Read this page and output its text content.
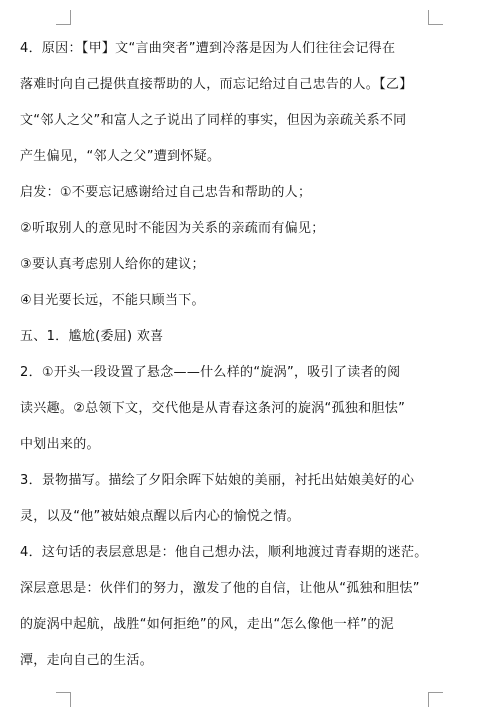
4．原因：【甲】文“言曲突者”遭到冷落是因为人们往往会记得在
落难时向自己提供直接帮助的人，而忘记给过自己忠告的人。【乙】
文“邻人之父”和富人之子说出了同样的事实，但因为亲疏关系不同
产生偏见，“邻人之父”遭到怀疑。
启发：①不要忘记感谢给过自己忠告和帮助的人；
②听取别人的意见时不能因为关系的亲疏而有偏见；
③要认真考虑别人给你的建议；
④目光要长远，不能只顾当下。
五、1．尴尬(委屈) 欢喜
2．①开头一段设置了悬念——什么样的“旋涡”，吸引了读者的阅
读兴趣。②总领下文，交代他是从青春这条河的旋涡“孤独和胆怯”
中划出来的。
3．景物描写。描绘了夕阳余晖下姑娘的美丽，衬托出姑娘美好的心
灵，以及“他”被姑娘点醒以后内心的愉悦之情。
4．这句话的表层意思是：他自己想办法，顺利地渡过青春期的迷茫。
深层意思是：伙伴们的努力，激发了他的自信，让他从“孤独和胆怯”
的旋涡中起航，战胜“如何拒绝”的风，走出“怎么像他一样”的泥
潭，走向自己的生活。
